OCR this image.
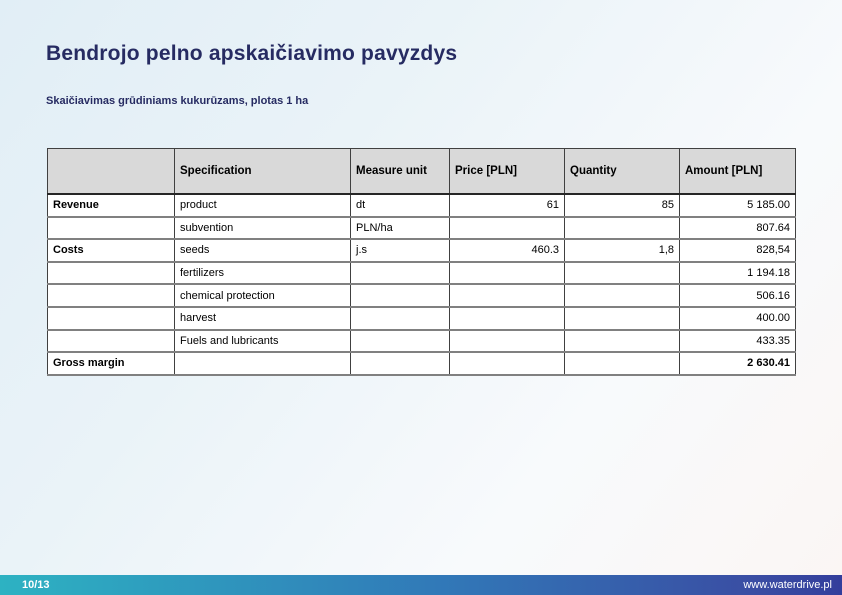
Bendrojo pelno apskaičiavimo pavyzdys
Skaičiavimas grūdiniams kukurūzams, plotas 1 ha
	Specification	Measure unit	Price [PLN]	Quantity	Amount [PLN]
Revenue	product	dt	61	85	5 185.00
	subvention	PLN/ha			807.64
Costs	seeds	j.s	460.3	1,8	828,54
	fertilizers				1 194.18
	chemical protection				506.16
	harvest				400.00
	Fuels and lubricants				433.35
Gross margin					2 630.41
10/13	www.waterdrive.pl
